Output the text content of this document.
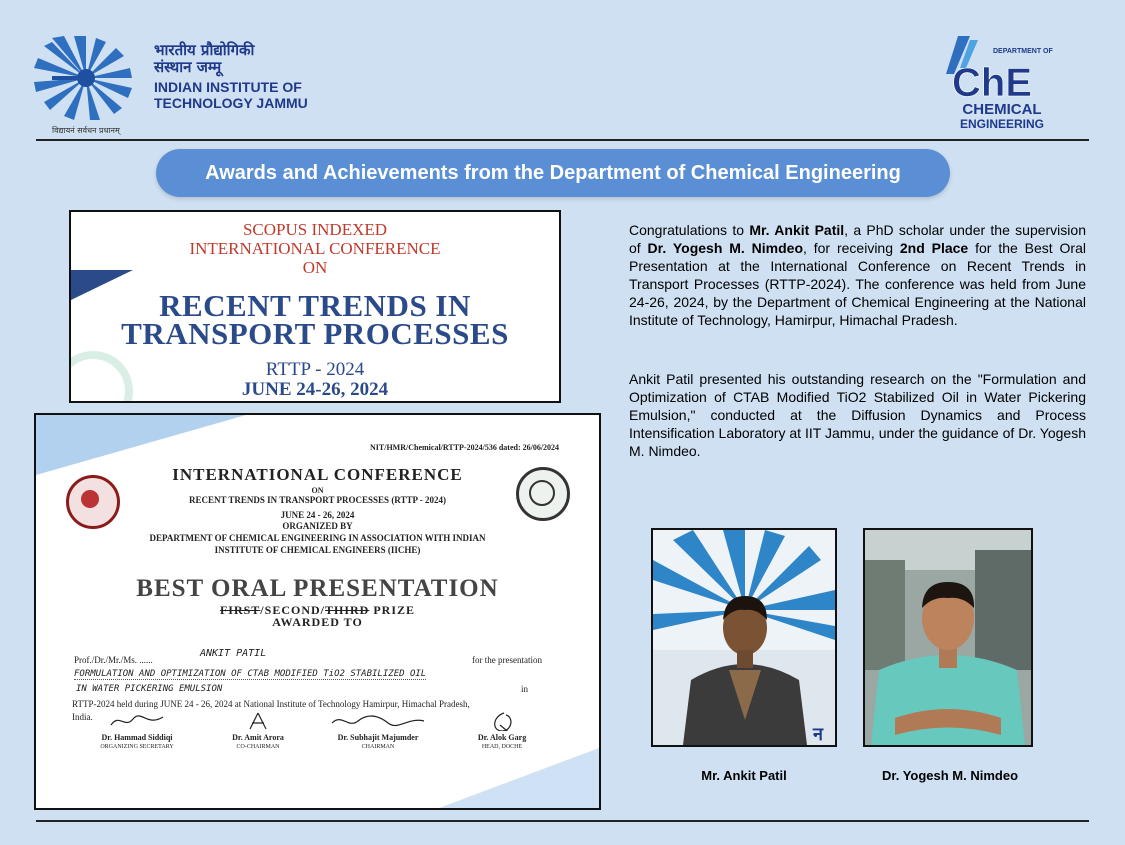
भारतीय प्रौद्योगिकी
संस्थान जम्मू
INDIAN INSTITUTE OF
TECHNOLOGY JAMMU
विद्यायनं सर्वधन प्रधानम्
ChE
DEPARTMENT OF
CHEMICAL
ENGINEERING
Awards and Achievements from the Department of Chemical Engineering
SCOPUS INDEXED
INTERNATIONAL CONFERENCE
ON
RECENT TRENDS IN
TRANSPORT PROCESSES
RTTP - 2024
JUNE 24-26, 2024
NIT/HMR/Chemical/RTTP-2024/536 dated: 26/06/2024
INTERNATIONAL CONFERENCE
ON
RECENT TRENDS IN TRANSPORT PROCESSES (RTTP - 2024)
JUNE 24 - 26, 2024
ORGANIZED BY
DEPARTMENT OF CHEMICAL ENGINEERING IN ASSOCIATION WITH INDIAN
INSTITUTE OF CHEMICAL ENGINEERS (IICHE)
BEST ORAL PRESENTATION
FIRST/SECOND/THIRD PRIZE
AWARDED TO
Prof./Dr./Mr./Ms. ......
ANKIT PATIL
for the presentation
FORMULATION AND OPTIMIZATION OF CTAB MODIFIED TiO2 STABILIZED OIL
IN WATER PICKERING EMULSION	in
RTTP-2024 held during JUNE 24 - 26, 2024 at National Institute of Technology Hamirpur, Himachal Pradesh,
India.
Dr. Hammad Siddiqi
ORGANIZING SECRETARY
Dr. Amit Arora
CO-CHAIRMAN
Dr. Subhajit Majumder
CHAIRMAN
Dr. Alok Garg
HEAD, DOCHE
Congratulations to Mr. Ankit Patil, a PhD scholar under the supervision of Dr. Yogesh M. Nimdeo, for receiving 2nd Place for the Best Oral Presentation at the International Conference on Recent Trends in Transport Processes (RTTP-2024). The conference was held from June 24-26, 2024, by the Department of Chemical Engineering at the National Institute of Technology, Hamirpur, Himachal Pradesh.
Ankit Patil presented his outstanding research on the "Formulation and Optimization of CTAB Modified TiO2 Stabilized Oil in Water Pickering Emulsion," conducted at the Diffusion Dynamics and Process Intensification Laboratory at IIT Jammu, under the guidance of Dr. Yogesh M. Nimdeo.
न
Mr. Ankit Patil	Dr. Yogesh M. Nimdeo
